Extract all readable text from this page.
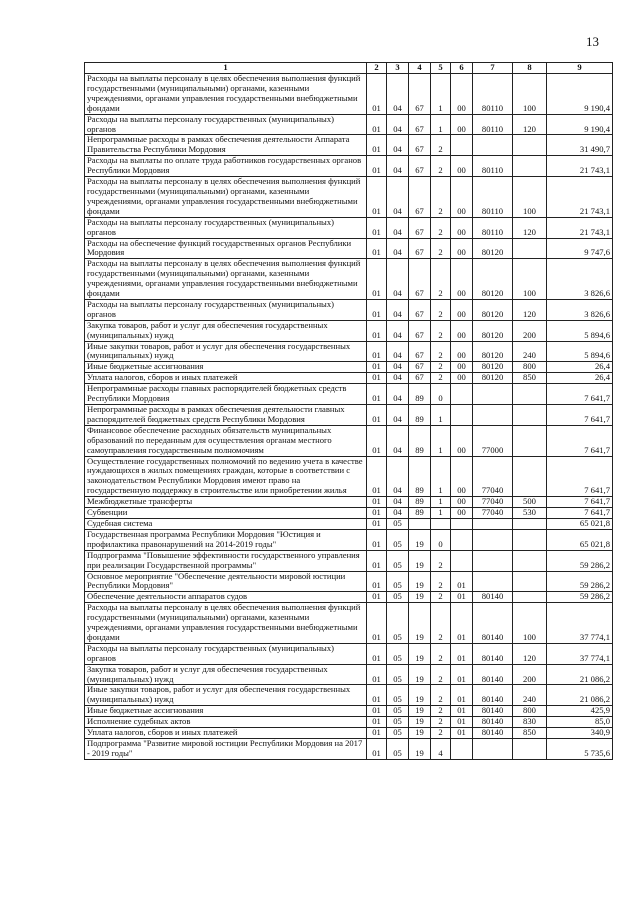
13
1	2	3	4	5	6	7	8	9
Расходы на выплаты персоналу в целях обеспечения выполнения функций государственными (муниципальными) органами, казенными учреждениями, органами управления государственными внебюджетными фондами	01	04	67	1	00	80110	100	9 190,4
Расходы на выплаты персоналу государственных (муниципальных) органов	01	04	67	1	00	80110	120	9 190,4
Непрограммные расходы в рамках обеспечения деятельности Аппарата Правительства Республики Мордовия	01	04	67	2				31 490,7
Расходы на выплаты по оплате труда работников государственных органов Республики Мордовия	01	04	67	2	00	80110		21 743,1
Расходы на выплаты персоналу в целях обеспечения выполнения функций государственными (муниципальными) органами, казенными учреждениями, органами управления государственными внебюджетными фондами	01	04	67	2	00	80110	100	21 743,1
Расходы на выплаты персоналу государственных (муниципальных) органов	01	04	67	2	00	80110	120	21 743,1
Расходы на обеспечение функций государственных органов Республики Мордовия	01	04	67	2	00	80120		9 747,6
Расходы на выплаты персоналу в целях обеспечения выполнения функций государственными (муниципальными) органами, казенными учреждениями, органами управления государственными внебюджетными фондами	01	04	67	2	00	80120	100	3 826,6
Расходы на выплаты персоналу государственных (муниципальных) органов	01	04	67	2	00	80120	120	3 826,6
Закупка товаров, работ и услуг для обеспечения государственных (муниципальных) нужд	01	04	67	2	00	80120	200	5 894,6
Иные закупки товаров, работ и услуг для обеспечения государственных (муниципальных) нужд	01	04	67	2	00	80120	240	5 894,6
Иные бюджетные ассигнования	01	04	67	2	00	80120	800	26,4
Уплата налогов, сборов и иных платежей	01	04	67	2	00	80120	850	26,4
Непрограммные расходы главных распорядителей бюджетных средств Республики Мордовия	01	04	89	0				7 641,7
Непрограммные расходы в рамках обеспечения деятельности главных распорядителей бюджетных средств Республики Мордовия	01	04	89	1				7 641,7
Финансовое обеспечение расходных обязательств муниципальных образований по переданным для осуществления органам местного самоуправления государственным полномочиям	01	04	89	1	00	77000		7 641,7
Осуществление государственных полномочий по ведению учета в качестве нуждающихся в жилых помещениях граждан, которые в соответствии с законодательством Республики Мордовия имеют право на государственную поддержку в строительстве или приобретении жилья	01	04	89	1	00	77040		7 641,7
Межбюджетные трансферты	01	04	89	1	00	77040	500	7 641,7
Субвенции	01	04	89	1	00	77040	530	7 641,7
Судебная система	01	05						65 021,8
Государственная программа Республики Мордовия "Юстиция и профилактика правонарушений на 2014-2019 годы"	01	05	19	0				65 021,8
Подпрограмма "Повышение эффективности государственного управления при реализации Государственной программы"	01	05	19	2				59 286,2
Основное мероприятие "Обеспечение деятельности мировой юстиции Республики Мордовия"	01	05	19	2	01			59 286,2
Обеспечение деятельности аппаратов судов	01	05	19	2	01	80140		59 286,2
Расходы на выплаты персоналу в целях обеспечения выполнения функций государственными (муниципальными) органами, казенными учреждениями, органами управления государственными внебюджетными фондами	01	05	19	2	01	80140	100	37 774,1
Расходы на выплаты персоналу государственных (муниципальных) органов	01	05	19	2	01	80140	120	37 774,1
Закупка товаров, работ и услуг для обеспечения государственных (муниципальных) нужд	01	05	19	2	01	80140	200	21 086,2
Иные закупки товаров, работ и услуг для обеспечения государственных (муниципальных) нужд	01	05	19	2	01	80140	240	21 086,2
Иные бюджетные ассигнования	01	05	19	2	01	80140	800	425,9
Исполнение судебных актов	01	05	19	2	01	80140	830	85,0
Уплата налогов, сборов и иных платежей	01	05	19	2	01	80140	850	340,9
Подпрограмма "Развитие мировой юстиции Республики Мордовия на 2017 - 2019 годы"	01	05	19	4				5 735,6
